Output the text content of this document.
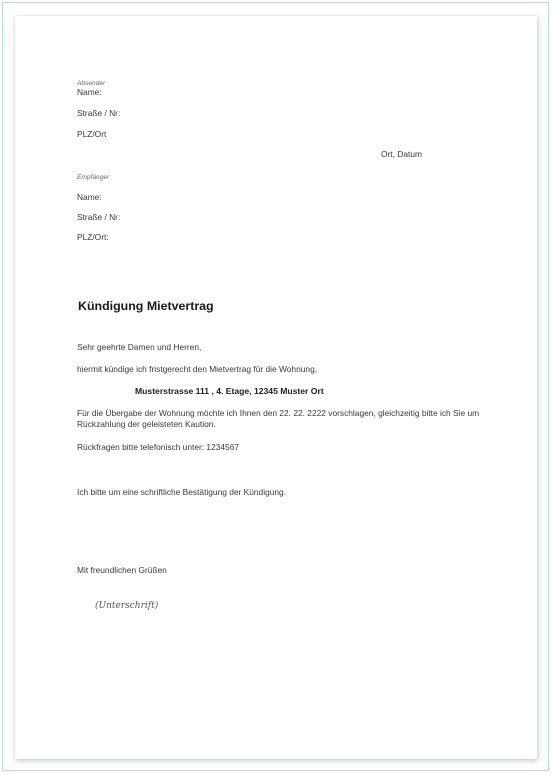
Absender
Name:
Straße / Nr:
PLZ/Ort
Ort, Datum
Empfänger
Name:
Straße / Nr:
PLZ/Ort:
Kündigung Mietvertrag
Sehr geehrte Damen und Herren,
hiermit kündige ich fristgerecht den Mietvertrag für die Wohnung,
Musterstrasse 111 , 4. Etage, 12345 Muster Ort
Für die Übergabe der Wohnung möchte ich Ihnen den 22. 22. 2222 vorschlagen, gleichzeitig bitte ich Sie um Rückzahlung der geleisteten Kaution.
Rückfragen bitte telefonisch unter: 1234567
Ich bitte um eine schriftliche Bestätigung der Kündigung.
Mit freundlichen Grüßen
(Unterschrift)
